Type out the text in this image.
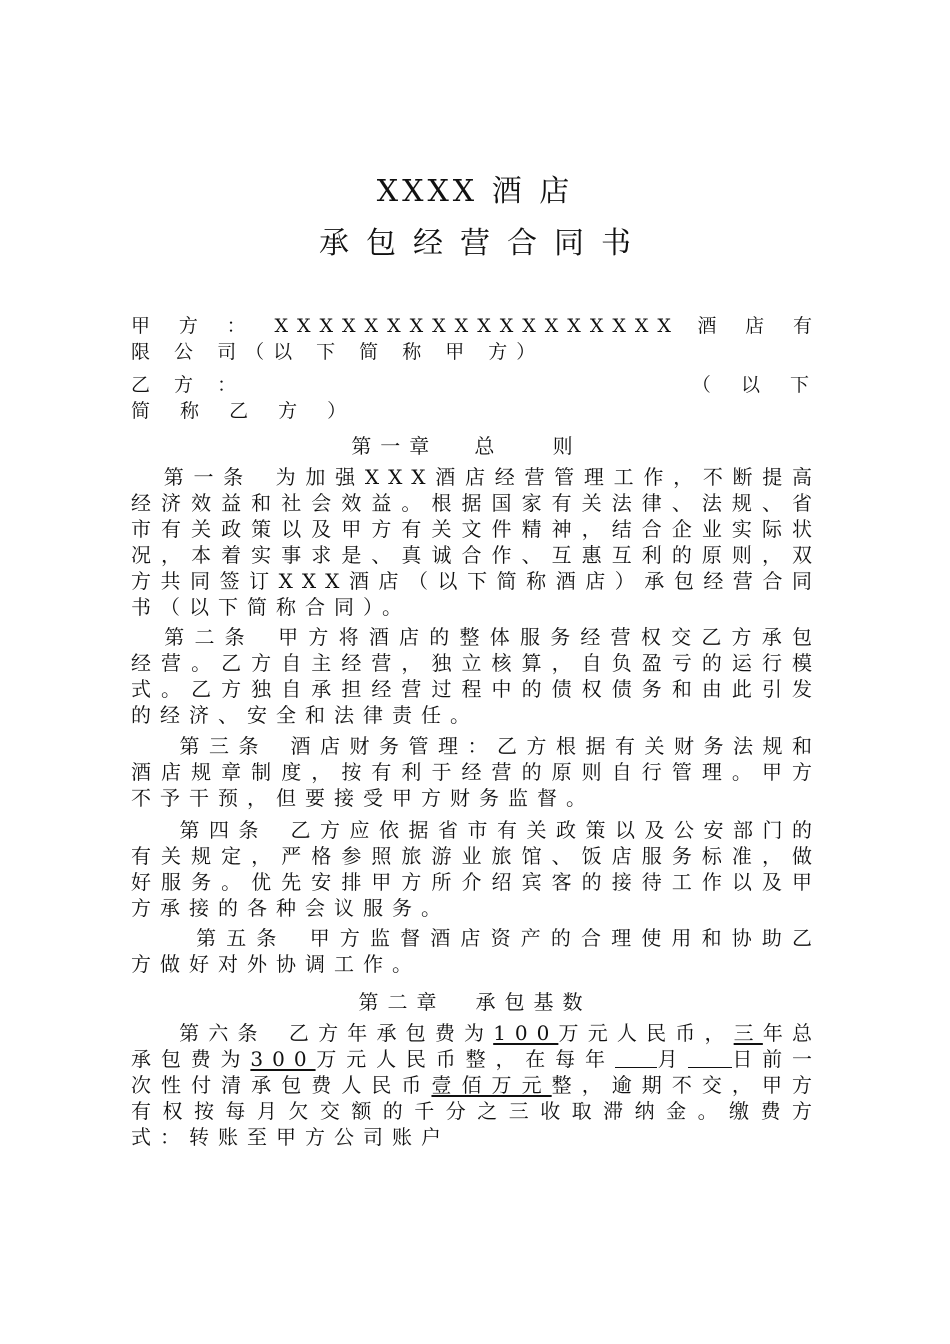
XXXX 酒 店
承包经营合同书
甲 方 ： XXXXXXXXXXXXXXXXXX 酒 店 有 限 公 司（以 下 简 称 甲 方）
乙 方 ：	（ 以 下
简 称 乙 方 ）
第一章 总 则
第一条 为加强XXX酒店经营管理工作，不断提高经济效益和社会效益。根据国家有关法律、法规、省市有关政策以及甲方有关文件精神，结合企业实际状况，本着实事求是、真诚合作、互惠互利的原则，双方共同签订XXX酒店（以下简称酒店）承包经营合同书（以下简称合同）。
第二条 甲方将酒店的整体服务经营权交乙方承包经营。乙方自主经营，独立核算，自负盈亏的运行模式。乙方独自承担经营过程中的债权债务和由此引发的经济、安全和法律责任。
第三条 酒店财务管理：乙方根据有关财务法规和酒店规章制度，按有利于经营的原则自行管理。甲方不予干预，但要接受甲方财务监督。
第四条 乙方应依据省市有关政策以及公安部门的有关规定，严格参照旅游业旅馆、饭店服务标准，做好服务。优先安排甲方所介绍宾客的接待工作以及甲方承接的各种会议服务。
第五条 甲方监督酒店资产的合理使用和协助乙方做好对外协调工作。
第二章 承包基数
第六条 乙方年承包费为100万元人民币，三年总承包费为300万元人民币整，在每年 月 日前一次性付清承包费人民币壹佰万元整，逾期不交，甲方有权按每月欠交额的千分之三收取滞纳金。缴费方式：转账至甲方公司账户
